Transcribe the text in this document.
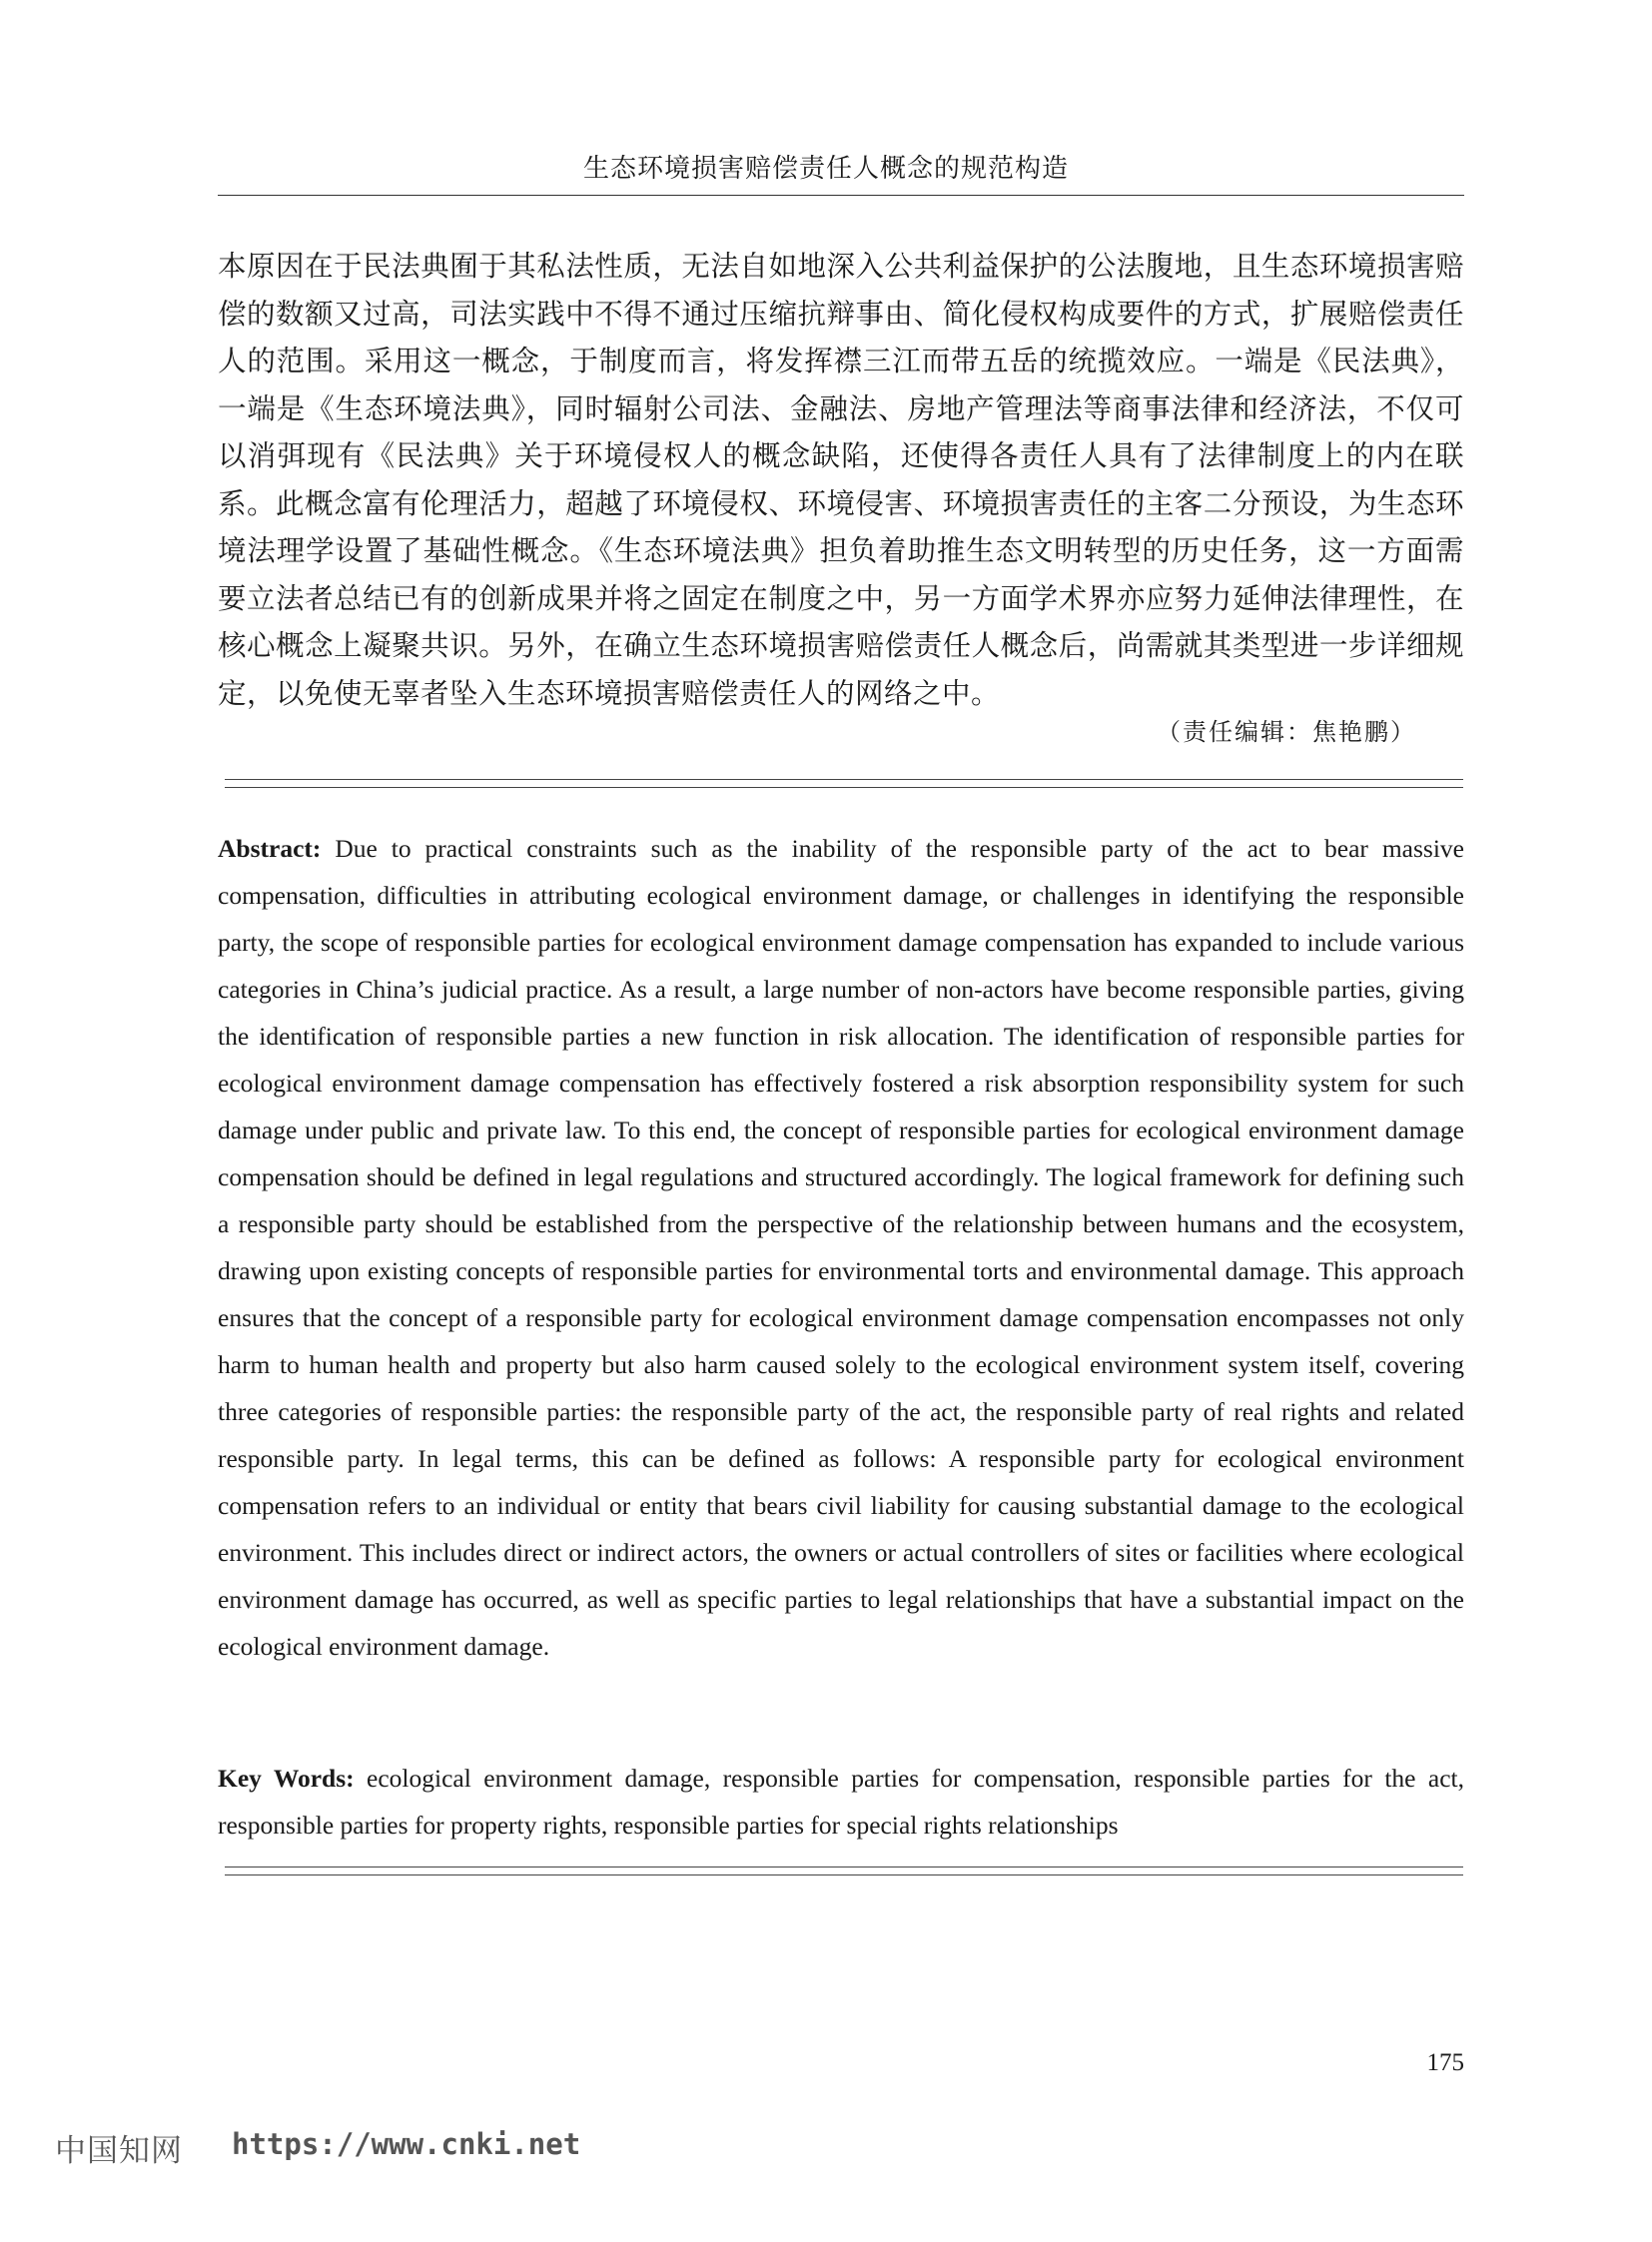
生态环境损害赔偿责任人概念的规范构造

本原因在于民法典囿于其私法性质，无法自如地深入公共利益保护的公法腹地，且生态环境损害赔偿的数额又过高，司法实践中不得不通过压缩抗辩事由、简化侵权构成要件的方式，扩展赔偿责任人的范围。采用这一概念，于制度而言，将发挥襟三江而带五岳的统揽效应。一端是《民法典》，一端是《生态环境法典》，同时辐射公司法、金融法、房地产管理法等商事法律和经济法，不仅可以消弭现有《民法典》关于环境侵权人的概念缺陷，还使得各责任人具有了法律制度上的内在联系。此概念富有伦理活力，超越了环境侵权、环境侵害、环境损害责任的主客二分预设，为生态环境法理学设置了基础性概念。《生态环境法典》担负着助推生态文明转型的历史任务，这一方面需要立法者总结已有的创新成果并将之固定在制度之中，另一方面学术界亦应努力延伸法律理性，在核心概念上凝聚共识。另外，在确立生态环境损害赔偿责任人概念后，尚需就其类型进一步详细规定，以免使无辜者坠入生态环境损害赔偿责任人的网络之中。

（责任编辑：焦艳鹏）

Abstract: Due to practical constraints such as the inability of the responsible party of the act to bear massive compensation, difficulties in attributing ecological environment damage, or challenges in identifying the responsible party, the scope of responsible parties for ecological environment damage compensation has expanded to include various categories in China’s judicial practice. As a result, a large number of non-actors have become responsible parties, giving the identification of responsible parties a new function in risk allocation. The identification of responsible parties for ecological environment damage compensation has effectively fostered a risk absorption responsibility system for such damage under public and private law. To this end, the concept of responsible parties for ecological environment damage compensation should be defined in legal regulations and structured accordingly. The logical framework for defining such a responsible party should be established from the perspective of the relationship between humans and the ecosystem, drawing upon existing concepts of responsible parties for environmental torts and environmental damage. This approach ensures that the concept of a responsible party for ecological environment damage compensation encompasses not only harm to human health and property but also harm caused solely to the ecological environment system itself, covering three categories of responsible parties: the responsible party of the act, the responsible party of real rights and related responsible party. In legal terms, this can be defined as follows: A responsible party for ecological environment compensation refers to an individual or entity that bears civil liability for causing substantial damage to the ecological environment. This includes direct or indirect actors, the owners or actual controllers of sites or facilities where ecological environment damage has occurred, as well as specific parties to legal relationships that have a substantial impact on the ecological environment damage.

Key Words: ecological environment damage, responsible parties for compensation, responsible parties for the act, responsible parties for property rights, responsible parties for special rights relationships

175
中国知网 https://www.cnki.net
